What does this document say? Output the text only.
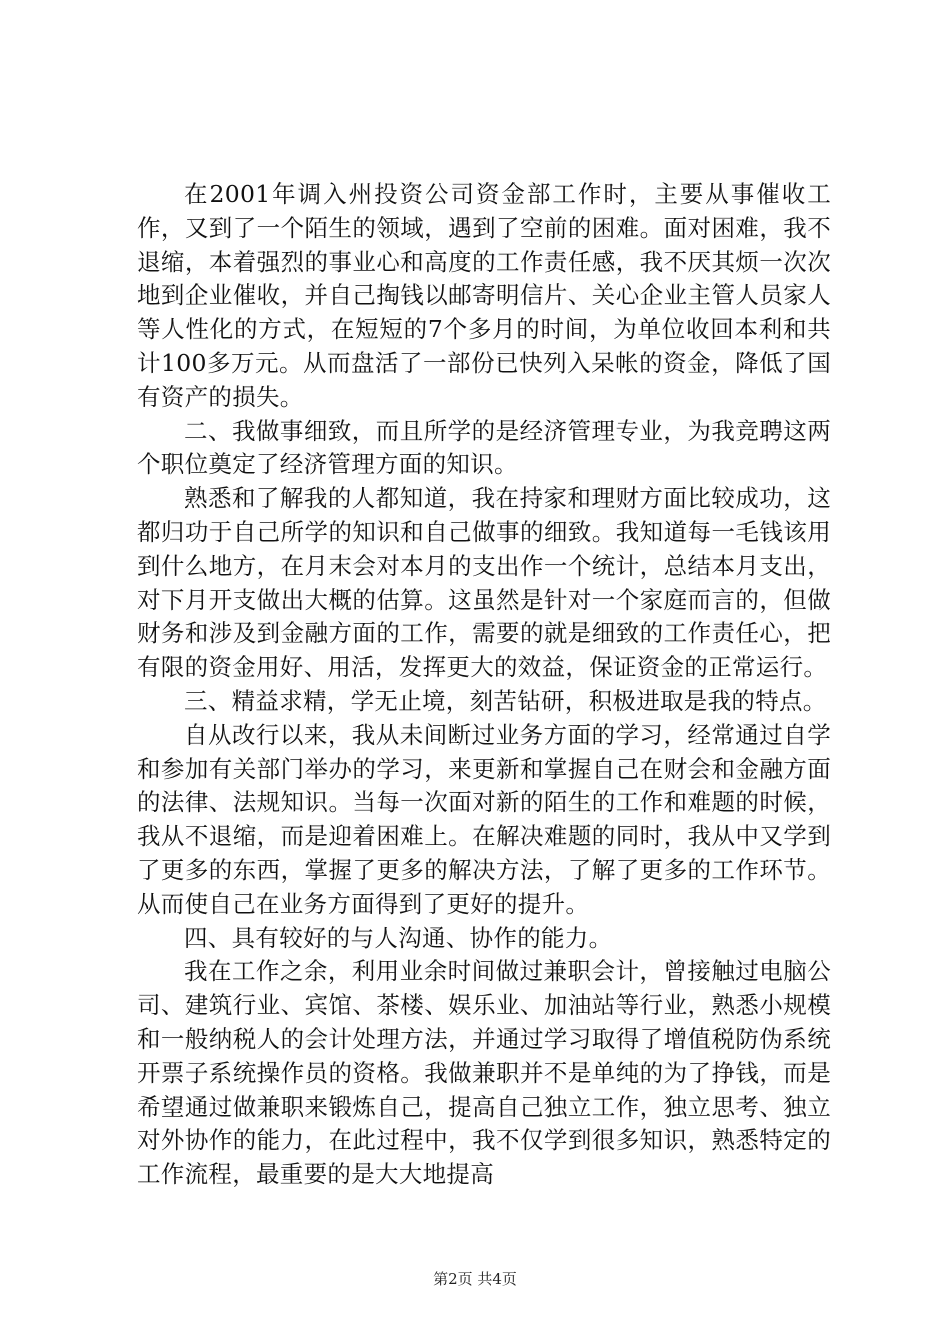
在2001年调入州投资公司资金部工作时，主要从事催收工作，又到了一个陌生的领域，遇到了空前的困难。面对困难，我不退缩，本着强烈的事业心和高度的工作责任感，我不厌其烦一次次地到企业催收，并自己掏钱以邮寄明信片、关心企业主管人员家人等人性化的方式，在短短的7个多月的时间，为单位收回本利和共计100多万元。从而盘活了一部份已快列入呆帐的资金，降低了国有资产的损失。

二、我做事细致，而且所学的是经济管理专业，为我竞聘这两个职位奠定了经济管理方面的知识。

熟悉和了解我的人都知道，我在持家和理财方面比较成功，这都归功于自己所学的知识和自己做事的细致。我知道每一毛钱该用到什么地方，在月末会对本月的支出作一个统计，总结本月支出，对下月开支做出大概的估算。这虽然是针对一个家庭而言的，但做财务和涉及到金融方面的工作，需要的就是细致的工作责任心，把有限的资金用好、用活，发挥更大的效益，保证资金的正常运行。

三、精益求精，学无止境，刻苦钻研，积极进取是我的特点。

自从改行以来，我从未间断过业务方面的学习，经常通过自学和参加有关部门举办的学习，来更新和掌握自己在财会和金融方面的法律、法规知识。当每一次面对新的陌生的工作和难题的时候，我从不退缩，而是迎着困难上。在解决难题的同时，我从中又学到了更多的东西，掌握了更多的解决方法，了解了更多的工作环节。从而使自己在业务方面得到了更好的提升。

四、具有较好的与人沟通、协作的能力。

我在工作之余，利用业余时间做过兼职会计，曾接触过电脑公司、建筑行业、宾馆、茶楼、娱乐业、加油站等行业，熟悉小规模和一般纳税人的会计处理方法，并通过学习取得了增值税防伪系统开票子系统操作员的资格。我做兼职并不是单纯的为了挣钱，而是希望通过做兼职来锻炼自己，提高自己独立工作，独立思考、独立对外协作的能力，在此过程中，我不仅学到很多知识，熟悉特定的工作流程，最重要的是大大地提高

第2页 共4页
